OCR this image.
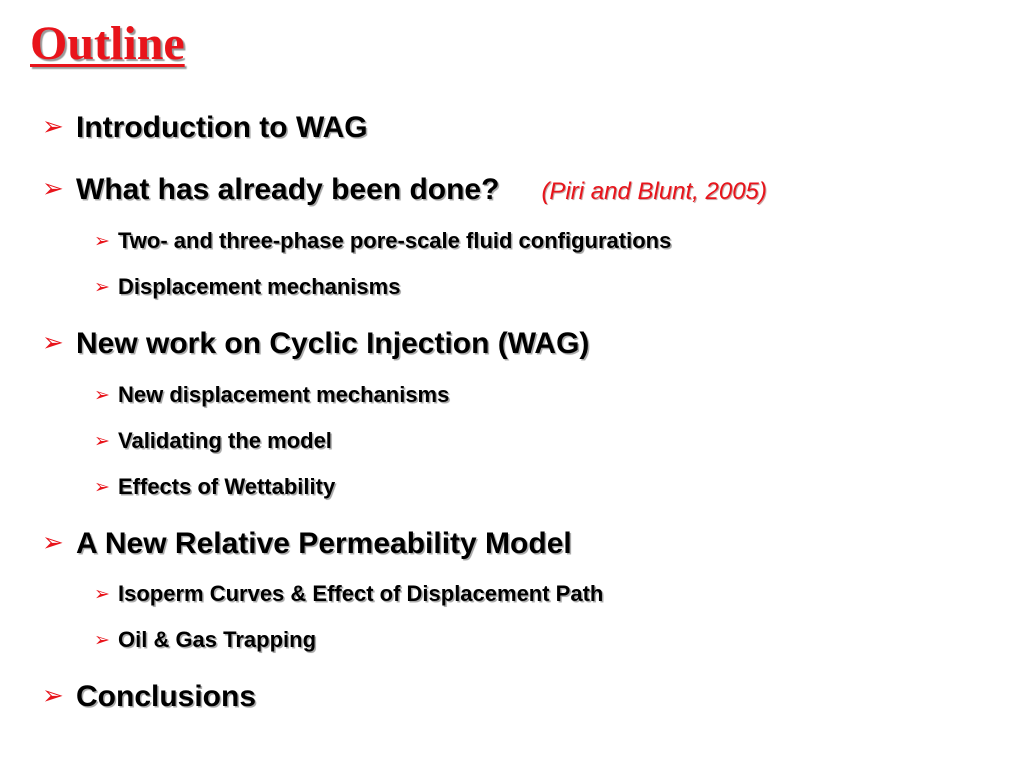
Outline
➢ Introduction to WAG
➢ What has already been done? (Piri and Blunt, 2005)
➢ Two- and three-phase pore-scale fluid configurations
➢ Displacement mechanisms
➢ New work on Cyclic Injection (WAG)
➢ New displacement mechanisms
➢ Validating the model
➢ Effects of Wettability
➢ A New Relative Permeability Model
➢ Isoperm Curves & Effect of Displacement Path
➢ Oil & Gas Trapping
➢ Conclusions
